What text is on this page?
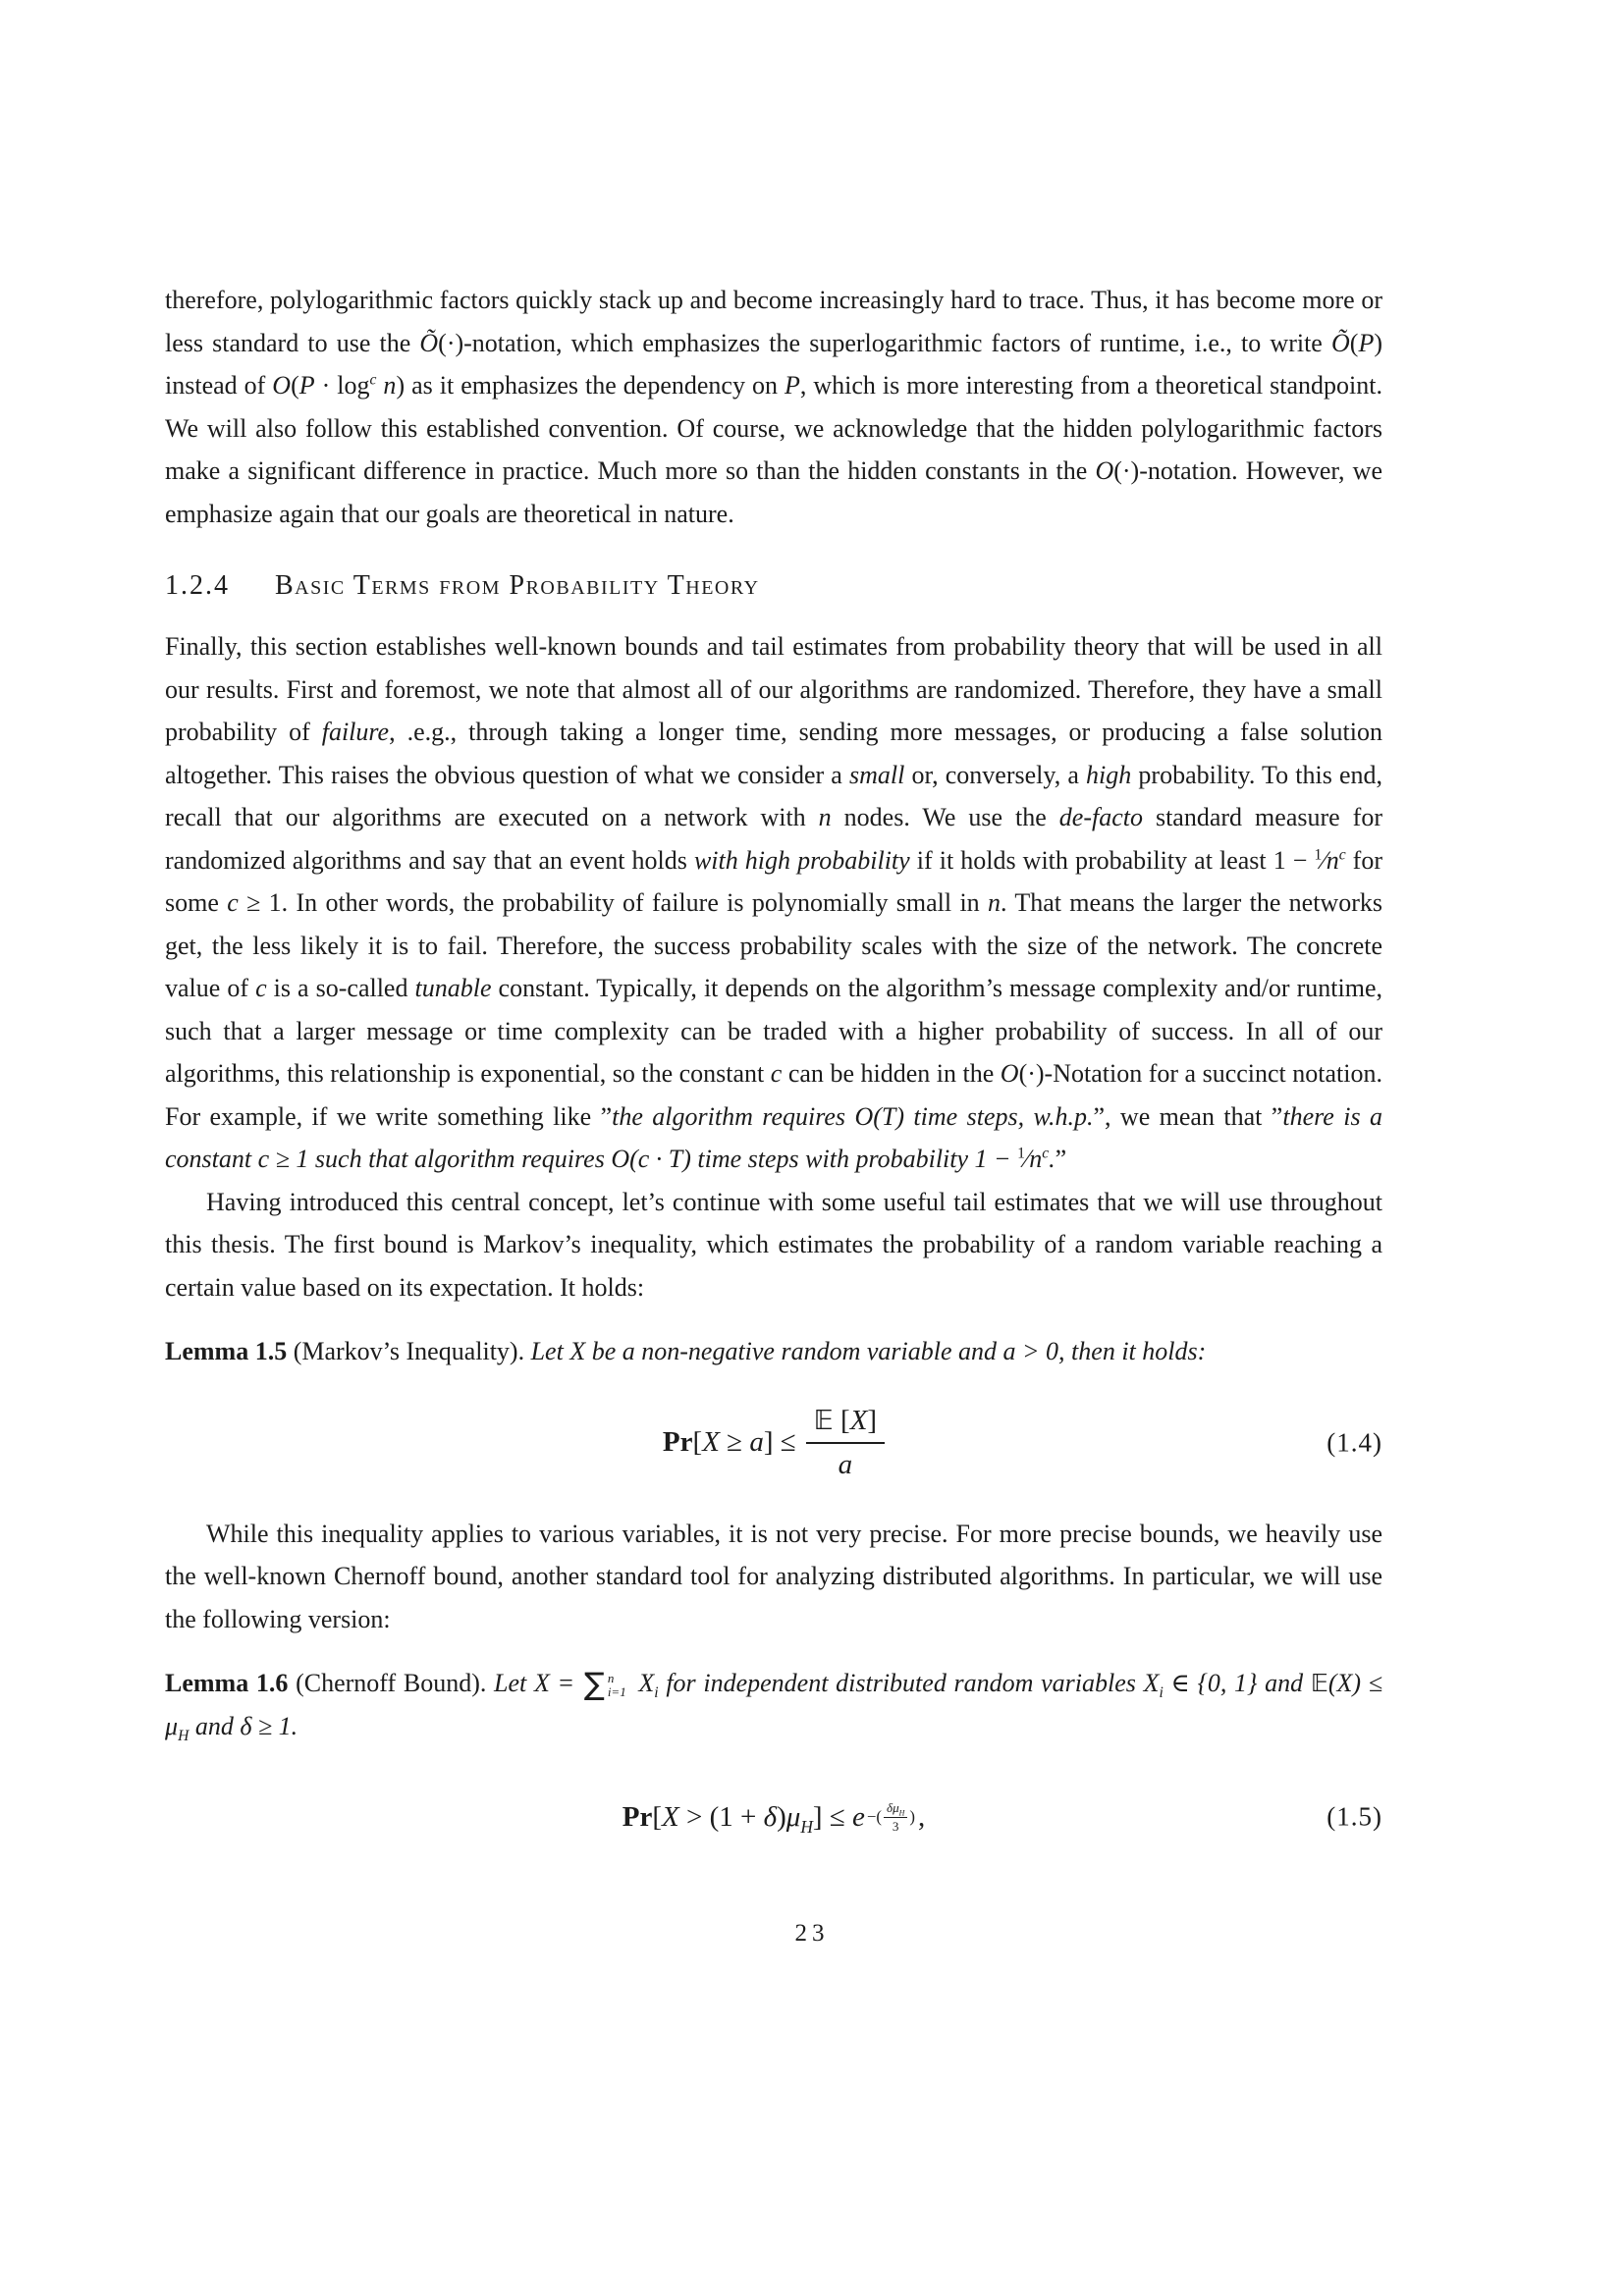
therefore, polylogarithmic factors quickly stack up and become increasingly hard to trace. Thus, it has become more or less standard to use the Õ(·)-notation, which emphasizes the superlogarithmic factors of runtime, i.e., to write Õ(P) instead of $O(P \cdot \log^c n)$ as it emphasizes the dependency on P, which is more interesting from a theoretical standpoint. We will also follow this established convention. Of course, we acknowledge that the hidden polylogarithmic factors make a significant difference in practice. Much more so than the hidden constants in the O(·)-notation. However, we emphasize again that our goals are theoretical in nature.

1.2.4 Basic Terms from Probability Theory

Finally, this section establishes well-known bounds and tail estimates from probability theory that will be used in all our results. First and foremost, we note that almost all of our algorithms are randomized. Therefore, they have a small probability of failure, .e.g., through taking a longer time, sending more messages, or producing a false solution altogether. This raises the obvious question of what we consider a small or, conversely, a high probability. To this end, recall that our algorithms are executed on a network with n nodes. We use the de-facto standard measure for randomized algorithms and say that an event holds with high probability if it holds with probability at least $1 - ^1⁄n^c$ for some c ≥ 1. In other words, the probability of failure is polynomially small in n. That means the larger the networks get, the less likely it is to fail. Therefore, the success probability scales with the size of the network. The concrete value of c is a so-called tunable constant. Typically, it depends on the algorithm’s message complexity and/or runtime, such that a larger message or time complexity can be traded with a higher probability of success. In all of our algorithms, this relationship is exponential, so the constant c can be hidden in the O(·)-Notation for a succinct notation. For example, if we write something like ”the algorithm requires O(T) time steps, w.h.p.”, we mean that ”there is a constant c ≥ 1 such that algorithm requires O(c · T) time steps with probability $1 - ^1⁄n^c$.”

Having introduced this central concept, let’s continue with some useful tail estimates that we will use throughout this thesis. The first bound is Markov’s inequality, which estimates the probability of a random variable reaching a certain value based on its expectation. It holds:

Lemma 1.5 (Markov’s Inequality). Let X be a non-negative random variable and a > 0, then it holds:

$Pr[X \ge a] \le \frac{\text{𝔼 [X]}}{a}$	(1.4)

While this inequality applies to various variables, it is not very precise. For more precise bounds, we heavily use the well-known Chernoff bound, another standard tool for analyzing distributed algorithms. In particular, we will use the following version:

Lemma 1.6 (Chernoff Bound). Let X = ∑ n
i=1 $X_i$ for independent distributed random variables $X_i$ ∈ {0, 1} and 𝔼(X) ≤ $\mu_H$ and δ ≥ 1.

$Pr[X > (1 + \delta)\mu_H] \le e$ −( $\delta\mu_H$
3 ) ,	(1.5)
23
